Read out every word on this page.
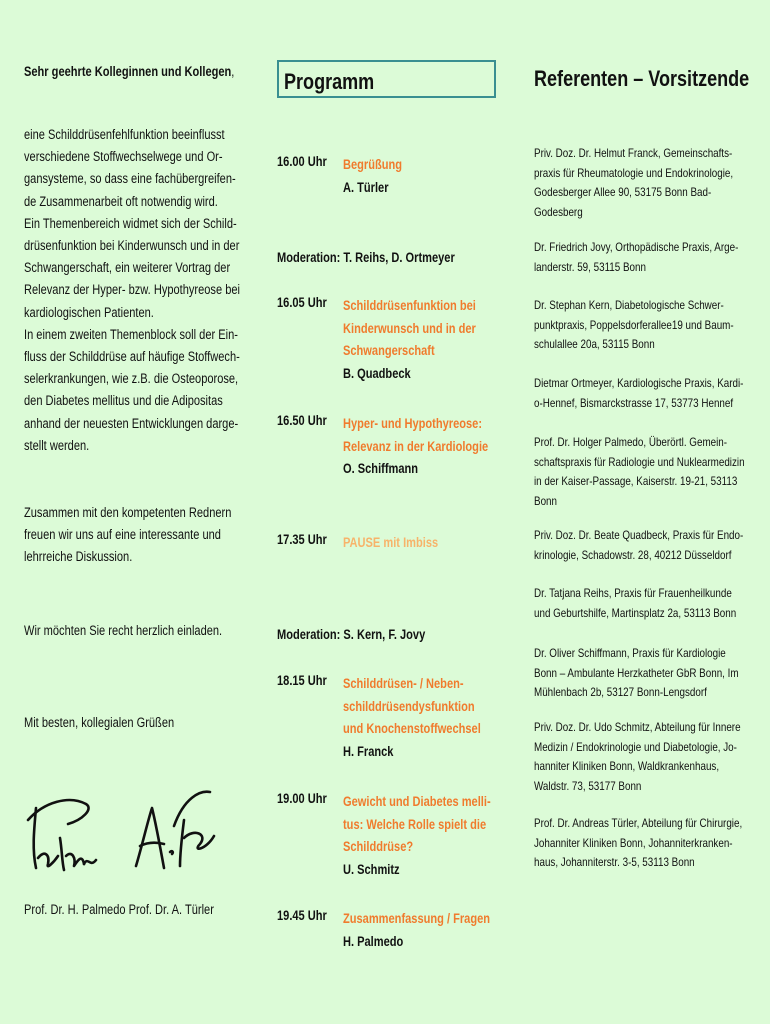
Sehr geehrte Kolleginnen und Kollegen,
eine Schilddrüsenfehlfunktion beeinflusst
verschiedene Stoffwechselwege und Or-
gansysteme, so dass eine fachübergreifen-
de Zusammenarbeit oft notwendig wird.
Ein Themenbereich widmet sich der Schild-
drüsenfunktion bei Kinderwunsch und in der
Schwangerschaft, ein weiterer Vortrag der
Relevanz der Hyper- bzw. Hypothyreose bei
kardiologischen Patienten.
In einem zweiten Themenblock soll der Ein-
fluss der Schilddrüse auf häufige Stoffwech-
selerkrankungen, wie z.B. die Osteoporose,
den Diabetes mellitus und die Adipositas
anhand der neuesten Entwicklungen darge-
stellt werden.
Zusammen mit den kompetenten Rednern
freuen wir uns auf eine interessante und
lehrreiche Diskussion.
Wir möchten Sie recht herzlich einladen.
Mit besten, kollegialen Grüßen
Prof. Dr. H. Palmedo Prof. Dr. A. Türler
Programm
16.00 Uhr	Begrüßung
A. Türler
Moderation: T. Reihs, D. Ortmeyer
16.05 Uhr	Schilddrüsenfunktion bei
Kinderwunsch und in der
Schwangerschaft
B. Quadbeck
16.50 Uhr	Hyper- und Hypothyreose:
Relevanz in der Kardiologie
O. Schiffmann
17.35 Uhr	PAUSE mit Imbiss
Moderation: S. Kern, F. Jovy
18.15 Uhr	Schilddrüsen- / Neben-
schilddrüsendysfunktion
und Knochenstoffwechsel
H. Franck
19.00 Uhr	Gewicht und Diabetes melli-
tus: Welche Rolle spielt die
Schilddrüse?
U. Schmitz
19.45 Uhr	Zusammenfassung / Fragen
H. Palmedo
Referenten – Vorsitzende
Priv. Doz. Dr. Helmut Franck, Gemeinschafts-
praxis für Rheumatologie und Endokrinologie,
Godesberger Allee 90, 53175 Bonn Bad-
Godesberg
Dr. Friedrich Jovy, Orthopädische Praxis, Arge-
landerstr. 59, 53115 Bonn
Dr. Stephan Kern, Diabetologische Schwer-
punktpraxis, Poppelsdorferallee19 und Baum-
schulallee 20a, 53115 Bonn
Dietmar Ortmeyer, Kardiologische Praxis, Kardi-
o-Hennef, Bismarckstrasse 17, 53773 Hennef
Prof. Dr. Holger Palmedo, Überörtl. Gemein-
schaftspraxis für Radiologie und Nuklearmedizin
in der Kaiser-Passage, Kaiserstr. 19-21, 53113
Bonn
Priv. Doz. Dr. Beate Quadbeck, Praxis für Endo-
krinologie, Schadowstr. 28, 40212 Düsseldorf
Dr. Tatjana Reihs, Praxis für Frauenheilkunde
und Geburtshilfe, Martinsplatz 2a, 53113 Bonn
Dr. Oliver Schiffmann, Praxis für Kardiologie
Bonn – Ambulante Herzkatheter GbR Bonn, Im
Mühlenbach 2b, 53127 Bonn-Lengsdorf
Priv. Doz. Dr. Udo Schmitz, Abteilung für Innere
Medizin / Endokrinologie und Diabetologie, Jo-
hanniter Kliniken Bonn, Waldkrankenhaus,
Waldstr. 73, 53177 Bonn
Prof. Dr. Andreas Türler, Abteilung für Chirurgie,
Johanniter Kliniken Bonn, Johanniterkranken-
haus, Johanniterstr. 3-5, 53113 Bonn
